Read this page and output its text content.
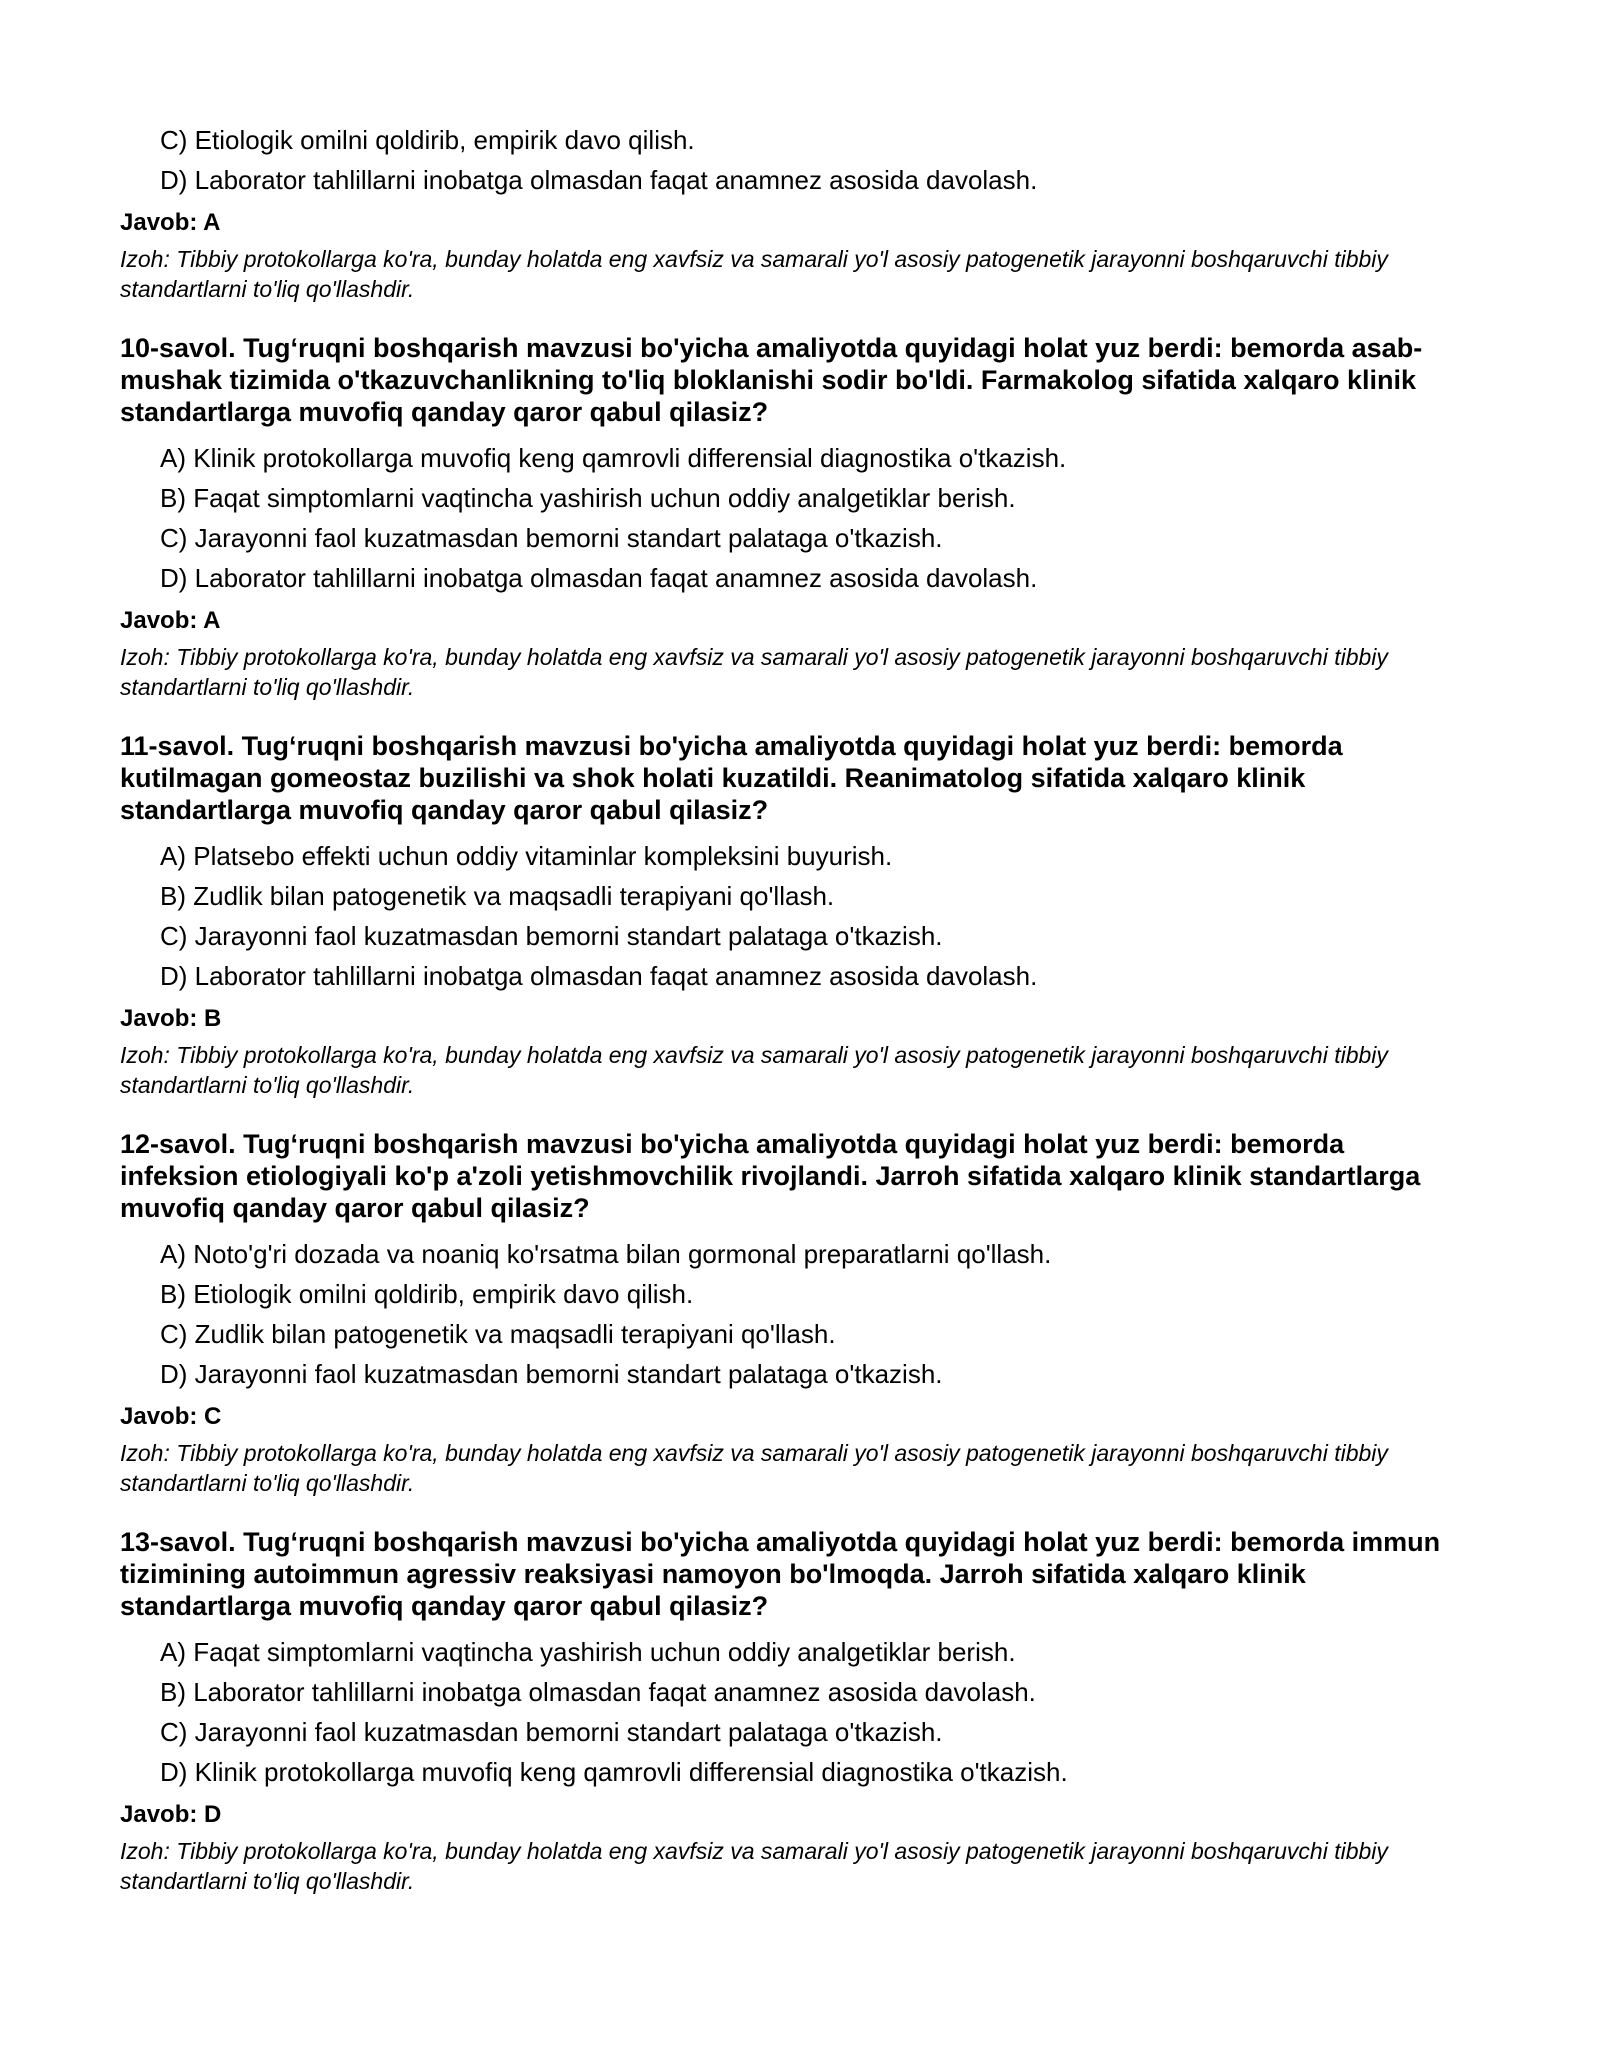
C) Etiologik omilni qoldirib, empirik davo qilish.
D) Laborator tahlillarni inobatga olmasdan faqat anamnez asosida davolash.
Javob: A
Izoh: Tibbiy protokollarga ko'ra, bunday holatda eng xavfsiz va samarali yo'l asosiy patogenetik jarayonni boshqaruvchi tibbiy standartlarni to'liq qo'llashdir.
10-savol. Tug‘ruqni boshqarish mavzusi bo'yicha amaliyotda quyidagi holat yuz berdi: bemorda asab-mushak tizimida o'tkazuvchanlikning to'liq bloklanishi sodir bo'ldi. Farmakolog sifatida xalqaro klinik standartlarga muvofiq qanday qaror qabul qilasiz?
A) Klinik protokollarga muvofiq keng qamrovli differensial diagnostika o'tkazish.
B) Faqat simptomlarni vaqtincha yashirish uchun oddiy analgetiklar berish.
C) Jarayonni faol kuzatmasdan bemorni standart palataga o'tkazish.
D) Laborator tahlillarni inobatga olmasdan faqat anamnez asosida davolash.
Javob: A
Izoh: Tibbiy protokollarga ko'ra, bunday holatda eng xavfsiz va samarali yo'l asosiy patogenetik jarayonni boshqaruvchi tibbiy standartlarni to'liq qo'llashdir.
11-savol. Tug‘ruqni boshqarish mavzusi bo'yicha amaliyotda quyidagi holat yuz berdi: bemorda kutilmagan gomeostaz buzilishi va shok holati kuzatildi. Reanimatolog sifatida xalqaro klinik standartlarga muvofiq qanday qaror qabul qilasiz?
A) Platsebo effekti uchun oddiy vitaminlar kompleksini buyurish.
B) Zudlik bilan patogenetik va maqsadli terapiyani qo'llash.
C) Jarayonni faol kuzatmasdan bemorni standart palataga o'tkazish.
D) Laborator tahlillarni inobatga olmasdan faqat anamnez asosida davolash.
Javob: B
Izoh: Tibbiy protokollarga ko'ra, bunday holatda eng xavfsiz va samarali yo'l asosiy patogenetik jarayonni boshqaruvchi tibbiy standartlarni to'liq qo'llashdir.
12-savol. Tug‘ruqni boshqarish mavzusi bo'yicha amaliyotda quyidagi holat yuz berdi: bemorda infeksion etiologiyali ko'p a'zoli yetishmovchilik rivojlandi. Jarroh sifatida xalqaro klinik standartlarga muvofiq qanday qaror qabul qilasiz?
A) Noto'g'ri dozada va noaniq ko'rsatma bilan gormonal preparatlarni qo'llash.
B) Etiologik omilni qoldirib, empirik davo qilish.
C) Zudlik bilan patogenetik va maqsadli terapiyani qo'llash.
D) Jarayonni faol kuzatmasdan bemorni standart palataga o'tkazish.
Javob: C
Izoh: Tibbiy protokollarga ko'ra, bunday holatda eng xavfsiz va samarali yo'l asosiy patogenetik jarayonni boshqaruvchi tibbiy standartlarni to'liq qo'llashdir.
13-savol. Tug‘ruqni boshqarish mavzusi bo'yicha amaliyotda quyidagi holat yuz berdi: bemorda immun tizimining autoimmun agressiv reaksiyasi namoyon bo'lmoqda. Jarroh sifatida xalqaro klinik standartlarga muvofiq qanday qaror qabul qilasiz?
A) Faqat simptomlarni vaqtincha yashirish uchun oddiy analgetiklar berish.
B) Laborator tahlillarni inobatga olmasdan faqat anamnez asosida davolash.
C) Jarayonni faol kuzatmasdan bemorni standart palataga o'tkazish.
D) Klinik protokollarga muvofiq keng qamrovli differensial diagnostika o'tkazish.
Javob: D
Izoh: Tibbiy protokollarga ko'ra, bunday holatda eng xavfsiz va samarali yo'l asosiy patogenetik jarayonni boshqaruvchi tibbiy standartlarni to'liq qo'llashdir.
